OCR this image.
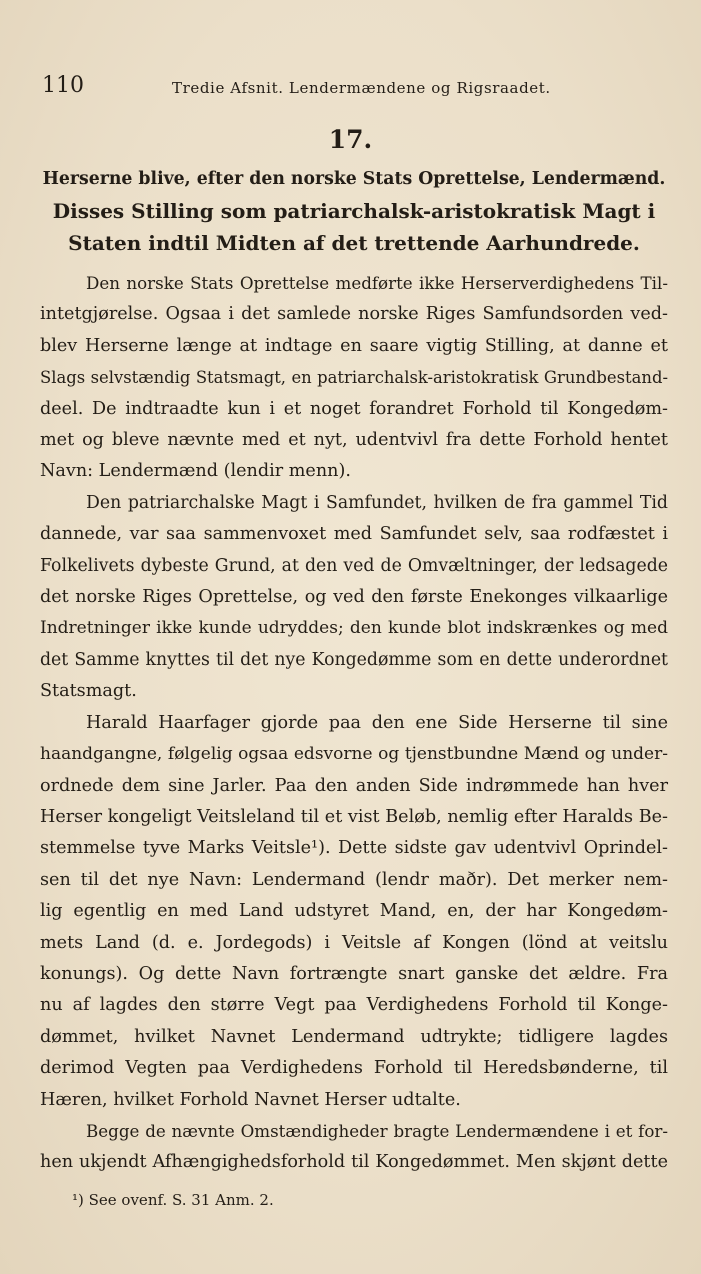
110	Tredie Afsnit. Lendermændene og Rigsraadet.
17.
Herserne blive, efter den norske Stats Oprettelse, Lendermænd.
Disses Stilling som patriarchalsk-aristokratisk Magt i
Staten indtil Midten af det trettende Aarhundrede.

Den norske Stats Oprettelse medførte ikke Herserverdighedens Til-
intetgjørelse. Ogsaa i det samlede norske Riges Samfundsorden ved-
blev Herserne længe at indtage en saare vigtig Stilling, at danne et
Slags selvstændig Statsmagt, en patriarchalsk-aristokratisk Grundbestand-
deel. De indtraadte kun i et noget forandret Forhold til Kongedøm-
met og bleve nævnte med et nyt, udentvivl fra dette Forhold hentet
Navn: Lendermænd (lendir menn).

Den patriarchalske Magt i Samfundet, hvilken de fra gammel Tid
dannede, var saa sammenvoxet med Samfundet selv, saa rodfæstet i
Folkelivets dybeste Grund, at den ved de Omvæltninger, der ledsagede
det norske Riges Oprettelse, og ved den første Enekonges vilkaarlige
Indretninger ikke kunde udryddes; den kunde blot indskrænkes og med
det Samme knyttes til det nye Kongedømme som en dette underordnet
Statsmagt.

Harald Haarfager gjorde paa den ene Side Herserne til sine
haandgangne, følgelig ogsaa edsvorne og tjenstbundne Mænd og under-
ordnede dem sine Jarler. Paa den anden Side indrømmede han hver
Herser kongeligt Veitsleland til et vist Beløb, nemlig efter Haralds Be-
stemmelse tyve Marks Veitsle¹). Dette sidste gav udentvivl Oprindel-
sen til det nye Navn: Lendermand (lendr maðr). Det merker nem-
lig egentlig en med Land udstyret Mand, en, der har Kongedøm-
mets Land (d. e. Jordegods) i Veitsle af Kongen (lönd at veitslu
konungs). Og dette Navn fortrængte snart ganske det ældre. Fra
nu af lagdes den større Vegt paa Verdighedens Forhold til Konge-
dømmet, hvilket Navnet Lendermand udtrykte; tidligere lagdes
derimod Vegten paa Verdighedens Forhold til Heredsbønderne, til
Hæren, hvilket Forhold Navnet Herser udtalte.

Begge de nævnte Omstændigheder bragte Lendermændene i et for-
hen ukjendt Afhængighedsforhold til Kongedømmet. Men skjønt dette

¹) See ovenf. S. 31 Anm. 2.
